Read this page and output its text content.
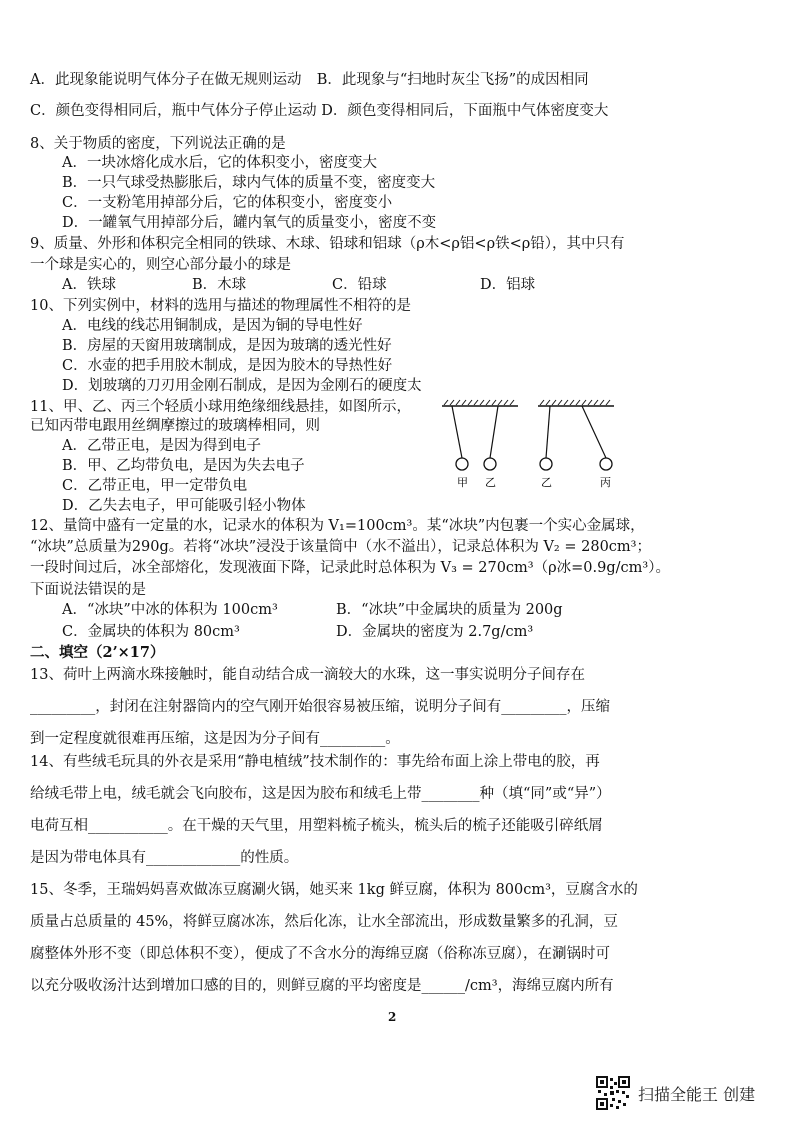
A．此现象能说明气体分子在做无规则运动 B．此现象与“扫地时灰尘飞扬”的成因相同
C．颜色变得相同后，瓶中气体分子停止运动 D．颜色变得相同后，下面瓶中气体密度变大
8、关于物质的密度，下列说法正确的是
A．一块冰熔化成水后，它的体积变小，密度变大
B．一只气球受热膨胀后，球内气体的质量不变，密度变大
C．一支粉笔用掉部分后，它的体积变小，密度变小
D．一罐氧气用掉部分后，罐内氧气的质量变小，密度不变
9、质量、外形和体积完全相同的铁球、木球、铅球和铝球（ρ木<ρ铝<ρ铁<ρ铅），其中只有
一个球是实心的，则空心部分最小的球是
A．铁球	B．木球	C．铅球	D．铝球
10、下列实例中，材料的选用与描述的物理属性不相符的是
A．电线的线芯用铜制成，是因为铜的导电性好
B．房屋的天窗用玻璃制成，是因为玻璃的透光性好
C．水壶的把手用胶木制成，是因为胶木的导热性好
D．划玻璃的刀刃用金刚石制成，是因为金刚石的硬度太
11、甲、乙、丙三个轻质小球用绝缘细线悬挂，如图所示，
已知丙带电跟用丝绸摩擦过的玻璃棒相同，则
A．乙带正电，是因为得到电子
B．甲、乙均带负电，是因为失去电子
C．乙带正电，甲一定带负电
D．乙失去电子，甲可能吸引轻小物体
甲 乙	乙	丙
12、量筒中盛有一定量的水，记录水的体积为 V₁=100cm³。某“冰块”内包裹一个实心金属球，
“冰块”总质量为290g。若将“冰块”浸没于该量筒中（水不溢出），记录总体积为 V₂ = 280cm³；
一段时间过后，冰全部熔化，发现液面下降，记录此时总体积为 V₃ = 270cm³（ρ冰=0.9g/cm³）。
下面说法错误的是
A．“冰块”中冰的体积为 100cm³	B．“冰块”中金属块的质量为 200g
C．金属块的体积为 80cm³	D．金属块的密度为 2.7g/cm³
二、填空（2’×17）
13、荷叶上两滴水珠接触时，能自动结合成一滴较大的水珠，这一事实说明分子间存在
_________，封闭在注射器筒内的空气刚开始很容易被压缩，说明分子间有_________，压缩
到一定程度就很难再压缩，这是因为分子间有_________。
14、有些绒毛玩具的外衣是采用“静电植绒”技术制作的：事先给布面上涂上带电的胶，再
给绒毛带上电，绒毛就会飞向胶布，这是因为胶布和绒毛上带________种（填“同”或“异”）
电荷互相___________。在干燥的天气里，用塑料梳子梳头，梳头后的梳子还能吸引碎纸屑
是因为带电体具有_____________的性质。
15、冬季，王瑞妈妈喜欢做冻豆腐涮火锅，她买来 1kg 鲜豆腐，体积为 800cm³，豆腐含水的
质量占总质量的 45%，将鲜豆腐冰冻，然后化冻，让水全部流出，形成数量繁多的孔洞，豆
腐整体外形不变（即总体积不变），便成了不含水分的海绵豆腐（俗称冻豆腐），在涮锅时可
以充分吸收汤汁达到增加口感的目的，则鲜豆腐的平均密度是______/cm³，海绵豆腐内所有
2
扫描全能王 创建
